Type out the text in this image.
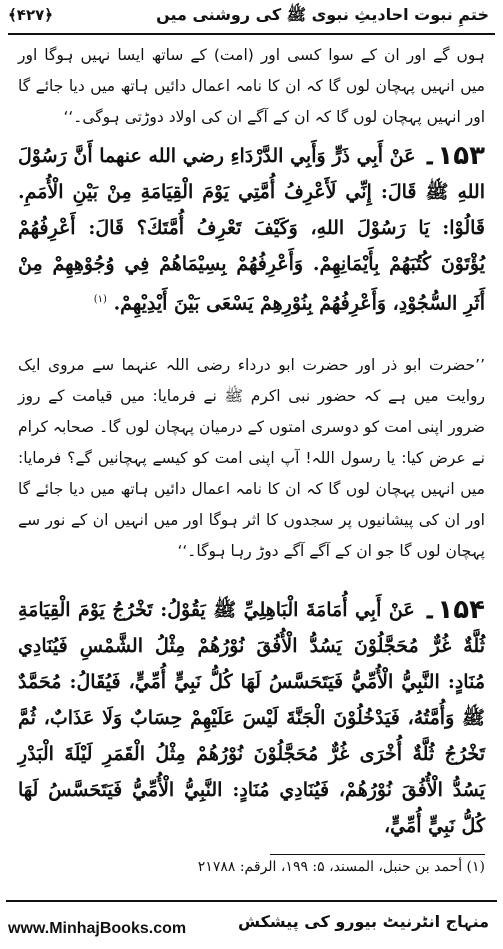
﴿۴۲۷﴾	ختمِ نبوت احادیثِ نبوی ﷺ کی روشنی میں
ہوں گے اور ان کے سوا کسی اور (امت) کے ساتھ ایسا نہیں ہوگا اور میں انہیں پہچان لوں گا کہ ان کا نامہ اعمال دائیں ہاتھ میں دیا جائے گا اور انہیں پہچان لوں گا کہ ان کے آگے ان کی اولاد دوڑتی ہوگی۔‘‘
۱۵۳۔ عَنْ أَبِي ذَرٍّ وَأَبِي الدَّرْدَاءِ رضي الله عنهما أَنَّ رَسُوْلَ اللهِ ﷺ قَالَ: إِنِّي لَأَعْرِفُ أُمَّتِي يَوْمَ الْقِيَامَةِ مِنْ بَيْنِ الْأُمَمِ. قَالُوْا: يَا رَسُوْلَ اللهِ، وَكَيْفَ تَعْرِفُ أُمَّتَكَ؟ قَالَ: أَعْرِفُهُمْ يُؤْتَوْنَ كُتُبَهُمْ بِأَيْمَانِهِمْ. وَأَعْرِفُهُمْ بِسِيْمَاهُمْ فِي وُجُوْهِهِمْ مِنْ أَثَرِ السُّجُوْدِ، وَأَعْرِفُهُمْ بِنُوْرِهِمْ يَسْعَى بَيْنَ أَيْدِيْهِمْ. $^{(۱)}$
’’حضرت ابو ذر اور حضرت ابو درداء رضی اللہ عنہما سے مروی ایک روایت میں ہے کہ حضور نبی اکرم ﷺ نے فرمایا: میں قیامت کے روز ضرور اپنی امت کو دوسری امتوں کے درمیان پہچان لوں گا۔ صحابہ کرام نے عرض کیا: یا رسول اللہ! آپ اپنی امت کو کیسے پہچانیں گے؟ فرمایا: میں انہیں پہچان لوں گا کہ ان کا نامہ اعمال دائیں ہاتھ میں دیا جائے گا اور ان کی پیشانیوں پر سجدوں کا اثر ہوگا اور میں انہیں ان کے نور سے پہچان لوں گا جو ان کے آگے آگے دوڑ رہا ہوگا۔‘‘
۱۵۴۔ عَنْ أَبِي أُمَامَةَ الْبَاهِلِيِّ ﷺ يَقُوْلُ: تَخْرُجُ يَوْمَ الْقِيَامَةِ ثُلَّةٌ غُرٌّ مُحَجَّلُوْنَ يَسُدُّ الْأُفُقَ نُوْرُهُمْ مِثْلُ الشَّمْسِ فَيُنَادِي مُنَادٍ: النَّبِيُّ الْأُمِّيُّ فَيَتَحَسَّسُ لَهَا كُلُّ نَبِيٍّ أُمِّيٍّ، فَيُقَالُ: مُحَمَّدٌ ﷺ وَأُمَّتُهُ، فَيَدْخُلُوْنَ الْجَنَّةَ لَيْسَ عَلَيْهِمْ حِسَابٌ وَلَا عَذَابٌ، ثُمَّ تَخْرُجُ ثُلَّةٌ أُخْرَى غُرٌّ مُحَجَّلُوْنَ نُوْرُهُمْ مِثْلُ الْقَمَرِ لَيْلَةَ الْبَدْرِ يَسُدُّ الْأُفُقَ نُوْرُهُمْ، فَيُنَادِي مُنَادٍ: النَّبِيُّ الْأُمِّيُّ فَيَتَحَسَّسُ لَهَا كُلُّ نَبِيٍّ أُمِّيٍّ،
(۱) أحمد بن حنبل، المسند، ۵: ۱۹۹، الرقم: ۲۱۷۸۸
www.MinhajBooks.com	منہاج انٹرنیٹ بیورو کی پیشکش
